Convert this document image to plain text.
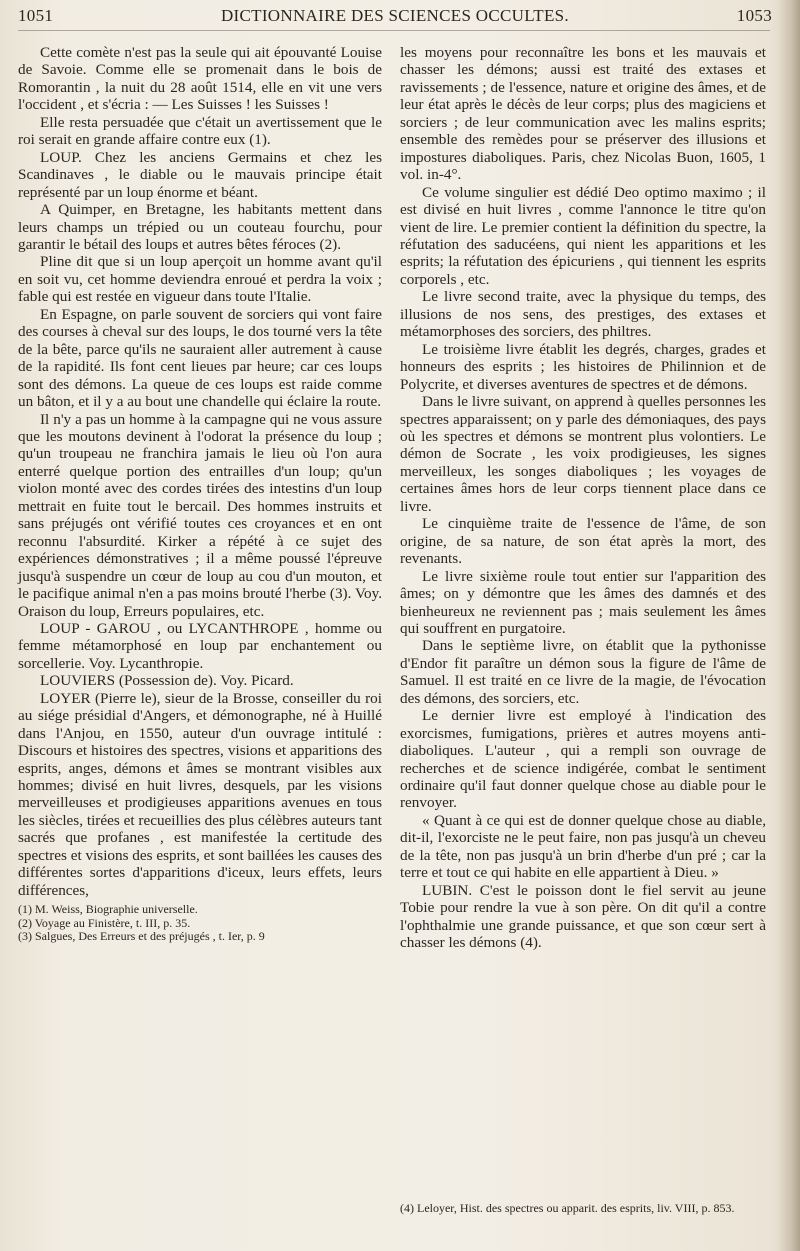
1051	DICTIONNAIRE DES SCIENCES OCCULTES.	1053

Cette comète n'est pas la seule qui ait épouvanté Louise de Savoie. Comme elle se promenait dans le bois de Romorantin , la nuit du 28 août 1514, elle en vit une vers l'occident , et s'écria : — Les Suisses ! les Suisses !

Elle resta persuadée que c'était un avertissement que le roi serait en grande affaire contre eux (1).

LOUP. Chez les anciens Germains et chez les Scandinaves , le diable ou le mauvais principe était représenté par un loup énorme et béant.

A Quimper, en Bretagne, les habitants mettent dans leurs champs un trépied ou un couteau fourchu, pour garantir le bétail des loups et autres bêtes féroces (2).

Pline dit que si un loup aperçoit un homme avant qu'il en soit vu, cet homme deviendra enroué et perdra la voix ; fable qui est restée en vigueur dans toute l'Italie.

En Espagne, on parle souvent de sorciers qui vont faire des courses à cheval sur des loups, le dos tourné vers la tête de la bête, parce qu'ils ne sauraient aller autrement à cause de la rapidité. Ils font cent lieues par heure; car ces loups sont des démons. La queue de ces loups est raide comme un bâton, et il y a au bout une chandelle qui éclaire la route.

Il n'y a pas un homme à la campagne qui ne vous assure que les moutons devinent à l'odorat la présence du loup ; qu'un troupeau ne franchira jamais le lieu où l'on aura enterré quelque portion des entrailles d'un loup; qu'un violon monté avec des cordes tirées des intestins d'un loup mettrait en fuite tout le bercail. Des hommes instruits et sans préjugés ont vérifié toutes ces croyances et en ont reconnu l'absurdité. Kirker a répété à ce sujet des expériences démonstratives ; il a même poussé l'épreuve jusqu'à suspendre un cœur de loup au cou d'un mouton, et le pacifique animal n'en a pas moins brouté l'herbe (3). Voy. Oraison du loup, Erreurs populaires, etc.

LOUP - GAROU , ou LYCANTHROPE , homme ou femme métamorphosé en loup par enchantement ou sorcellerie. Voy. Lycanthropie.

LOUVIERS (Possession de). Voy. Picard.

LOYER (Pierre le), sieur de la Brosse, conseiller du roi au siége présidial d'Angers, et démonographe, né à Huillé dans l'Anjou, en 1550, auteur d'un ouvrage intitulé : Discours et histoires des spectres, visions et apparitions des esprits, anges, démons et âmes se montrant visibles aux hommes; divisé en huit livres, desquels, par les visions merveilleuses et prodigieuses apparitions avenues en tous les siècles, tirées et recueillies des plus célèbres auteurs tant sacrés que profanes , est manifestée la certitude des spectres et visions des esprits, et sont baillées les causes des différentes sortes d'apparitions d'iceux, leurs effets, leurs différences,

(1) M. Weiss, Biographie universelle.

(2) Voyage au Finistère, t. III, p. 35.

(3) Salgues, Des Erreurs et des préjugés , t. Ier, p. 9

les moyens pour reconnaître les bons et les mauvais et chasser les démons; aussi est traité des extases et ravissements ; de l'essence, nature et origine des âmes, et de leur état après le décès de leur corps; plus des magiciens et sorciers ; de leur communication avec les malins esprits; ensemble des remèdes pour se préserver des illusions et impostures diaboliques. Paris, chez Nicolas Buon, 1605, 1 vol. in-4°.

Ce volume singulier est dédié Deo optimo maximo ; il est divisé en huit livres , comme l'annonce le titre qu'on vient de lire. Le premier contient la définition du spectre, la réfutation des saducéens, qui nient les apparitions et les esprits; la réfutation des épicuriens , qui tiennent les esprits corporels , etc.

Le livre second traite, avec la physique du temps, des illusions de nos sens, des prestiges, des extases et métamorphoses des sorciers, des philtres.

Le troisième livre établit les degrés, charges, grades et honneurs des esprits ; les histoires de Philinnion et de Polycrite, et diverses aventures de spectres et de démons.

Dans le livre suivant, on apprend à quelles personnes les spectres apparaissent; on y parle des démoniaques, des pays où les spectres et démons se montrent plus volontiers. Le démon de Socrate , les voix prodigieuses, les signes merveilleux, les songes diaboliques ; les voyages de certaines âmes hors de leur corps tiennent place dans ce livre.

Le cinquième traite de l'essence de l'âme, de son origine, de sa nature, de son état après la mort, des revenants.

Le livre sixième roule tout entier sur l'apparition des âmes; on y démontre que les âmes des damnés et des bienheureux ne reviennent pas ; mais seulement les âmes qui souffrent en purgatoire.

Dans le septième livre, on établit que la pythonisse d'Endor fit paraître un démon sous la figure de l'âme de Samuel. Il est traité en ce livre de la magie, de l'évocation des démons, des sorciers, etc.

Le dernier livre est employé à l'indication des exorcismes, fumigations, prières et autres moyens anti-diaboliques. L'auteur , qui a rempli son ouvrage de recherches et de science indigérée, combat le sentiment ordinaire qu'il faut donner quelque chose au diable pour le renvoyer.

« Quant à ce qui est de donner quelque chose au diable, dit-il, l'exorciste ne le peut faire, non pas jusqu'à un cheveu de la tête, non pas jusqu'à un brin d'herbe d'un pré ; car la terre et tout ce qui habite en elle appartient à Dieu. »

LUBIN. C'est le poisson dont le fiel servit au jeune Tobie pour rendre la vue à son père. On dit qu'il a contre l'ophthalmie une grande puissance, et que son cœur sert à chasser les démons (4).

(4) Leloyer, Hist. des spectres ou apparit. des esprits, liv. VIII, p. 853.
